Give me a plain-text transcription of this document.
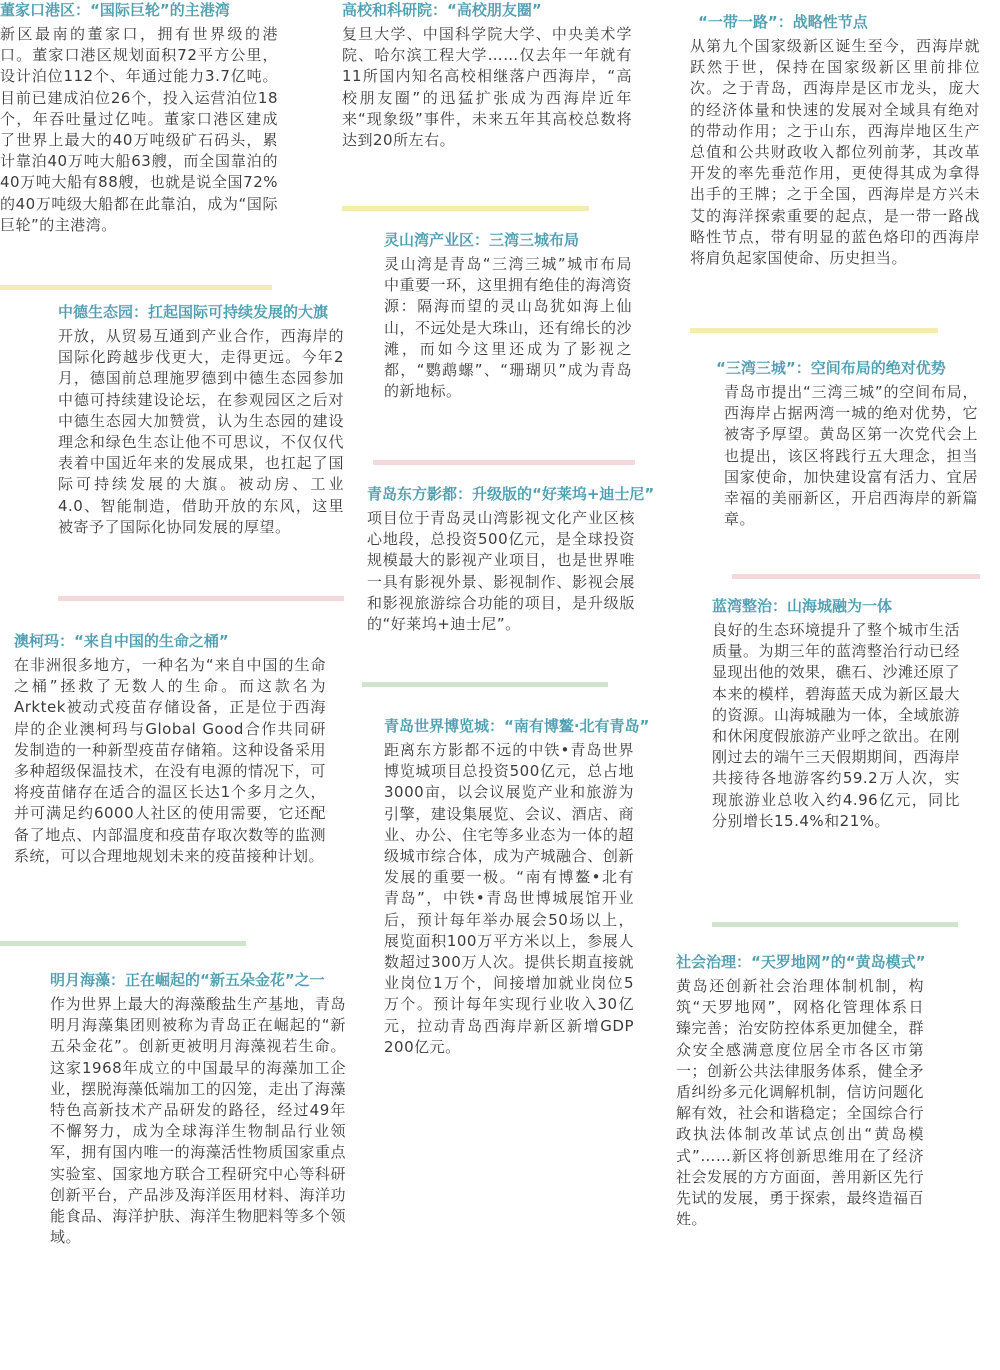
董家口港区：“国际巨轮”的主港湾

新区最南的董家口，拥有世界级的港口。董家口港区规划面积72平方公里，设计泊位112个、年通过能力3.7亿吨。目前已建成泊位26个，投入运营泊位18个，年吞吐量过亿吨。董家口港区建成了世界上最大的40万吨级矿石码头，累计靠泊40万吨大船63艘，而全国靠泊的40万吨大船有88艘，也就是说全国72%的40万吨级大船都在此靠泊，成为“国际巨轮”的主港湾。

中德生态园：扛起国际可持续发展的大旗

开放，从贸易互通到产业合作，西海岸的国际化跨越步伐更大，走得更远。今年2月，德国前总理施罗德到中德生态园参加中德可持续建设论坛，在参观园区之后对中德生态园大加赞赏，认为生态园的建设理念和绿色生态让他不可思议，不仅仅代表着中国近年来的发展成果，也扛起了国际可持续发展的大旗。被动房、工业4.0、智能制造，借助开放的东风，这里被寄予了国际化协同发展的厚望。

澳柯玛：“来自中国的生命之桶”

在非洲很多地方，一种名为“来自中国的生命之桶”拯救了无数人的生命。而这款名为Arktek被动式疫苗存储设备，正是位于西海岸的企业澳柯玛与Global Good合作共同研发制造的一种新型疫苗存储箱。这种设备采用多种超级保温技术，在没有电源的情况下，可将疫苗储存在适合的温区长达1个多月之久，并可满足约6000人社区的使用需要，它还配备了地点、内部温度和疫苗存取次数等的监测系统，可以合理地规划未来的疫苗接种计划。

明月海藻：正在崛起的“新五朵金花”之一

作为世界上最大的海藻酸盐生产基地，青岛明月海藻集团则被称为青岛正在崛起的“新五朵金花”。创新更被明月海藻视若生命。这家1968年成立的中国最早的海藻加工企业，摆脱海藻低端加工的囚笼，走出了海藻特色高新技术产品研发的路径，经过49年不懈努力，成为全球海洋生物制品行业领军，拥有国内唯一的海藻活性物质国家重点实验室、国家地方联合工程研究中心等科研创新平台，产品涉及海洋医用材料、海洋功能食品、海洋护肤、海洋生物肥料等多个领域。

高校和科研院：“高校朋友圈”

复旦大学、中国科学院大学、中央美术学院、哈尔滨工程大学……仅去年一年就有11所国内知名高校相继落户西海岸，“高校朋友圈”的迅猛扩张成为西海岸近年来“现象级”事件，未来五年其高校总数将达到20所左右。

灵山湾产业区：三湾三城布局

灵山湾是青岛“三湾三城”城市布局中重要一环，这里拥有绝佳的海湾资源：隔海而望的灵山岛犹如海上仙山，不远处是大珠山，还有绵长的沙滩，而如今这里还成为了影视之都，“鹦鹉螺”、“珊瑚贝”成为青岛的新地标。

青岛东方影都：升级版的“好莱坞+迪士尼”

项目位于青岛灵山湾影视文化产业区核心地段，总投资500亿元，是全球投资规模最大的影视产业项目，也是世界唯一具有影视外景、影视制作、影视会展和影视旅游综合功能的项目，是升级版的“好莱坞+迪士尼”。

青岛世界博览城：“南有博鳌·北有青岛”

距离东方影都不远的中铁•青岛世界博览城项目总投资500亿元，总占地3000亩，以会议展览产业和旅游为引擎，建设集展览、会议、酒店、商业、办公、住宅等多业态为一体的超级城市综合体，成为产城融合、创新发展的重要一极。“南有博鳌•北有青岛”，中铁•青岛世博城展馆开业后，预计每年举办展会50场以上，展览面积100万平方米以上，参展人数超过300万人次。提供长期直接就业岗位1万个，间接增加就业岗位5万个。预计每年实现行业收入30亿元，拉动青岛西海岸新区新增GDP 200亿元。

“一带一路”：战略性节点

从第九个国家级新区诞生至今，西海岸就跃然于世，保持在国家级新区里前排位次。之于青岛，西海岸是区市龙头，庞大的经济体量和快速的发展对全域具有绝对的带动作用；之于山东，西海岸地区生产总值和公共财政收入都位列前茅，其改革开发的率先垂范作用，更使得其成为拿得出手的王牌；之于全国，西海岸是方兴未艾的海洋探索重要的起点，是一带一路战略性节点，带有明显的蓝色烙印的西海岸将肩负起家国使命、历史担当。

“三湾三城”：空间布局的绝对优势

青岛市提出“三湾三城”的空间布局，西海岸占据两湾一城的绝对优势，它被寄予厚望。黄岛区第一次党代会上也提出，该区将践行五大理念，担当国家使命，加快建设富有活力、宜居幸福的美丽新区，开启西海岸的新篇章。

蓝湾整治：山海城融为一体

良好的生态环境提升了整个城市生活质量。为期三年的蓝湾整治行动已经显现出他的效果，礁石、沙滩还原了本来的模样，碧海蓝天成为新区最大的资源。山海城融为一体，全域旅游和休闲度假旅游产业呼之欲出。在刚刚过去的端午三天假期期间，西海岸共接待各地游客约59.2万人次，实现旅游业总收入约4.96亿元，同比分别增长15.4%和21%。

社会治理：“天罗地网”的“黄岛模式”

黄岛还创新社会治理体制机制，构筑“天罗地网”，网格化管理体系日臻完善；治安防控体系更加健全，群众安全感满意度位居全市各区市第一；创新公共法律服务体系，健全矛盾纠纷多元化调解机制，信访问题化解有效，社会和谐稳定；全国综合行政执法体制改革试点创出“黄岛模式”……新区将创新思维用在了经济社会发展的方方面面，善用新区先行先试的发展，勇于探索，最终造福百姓。
